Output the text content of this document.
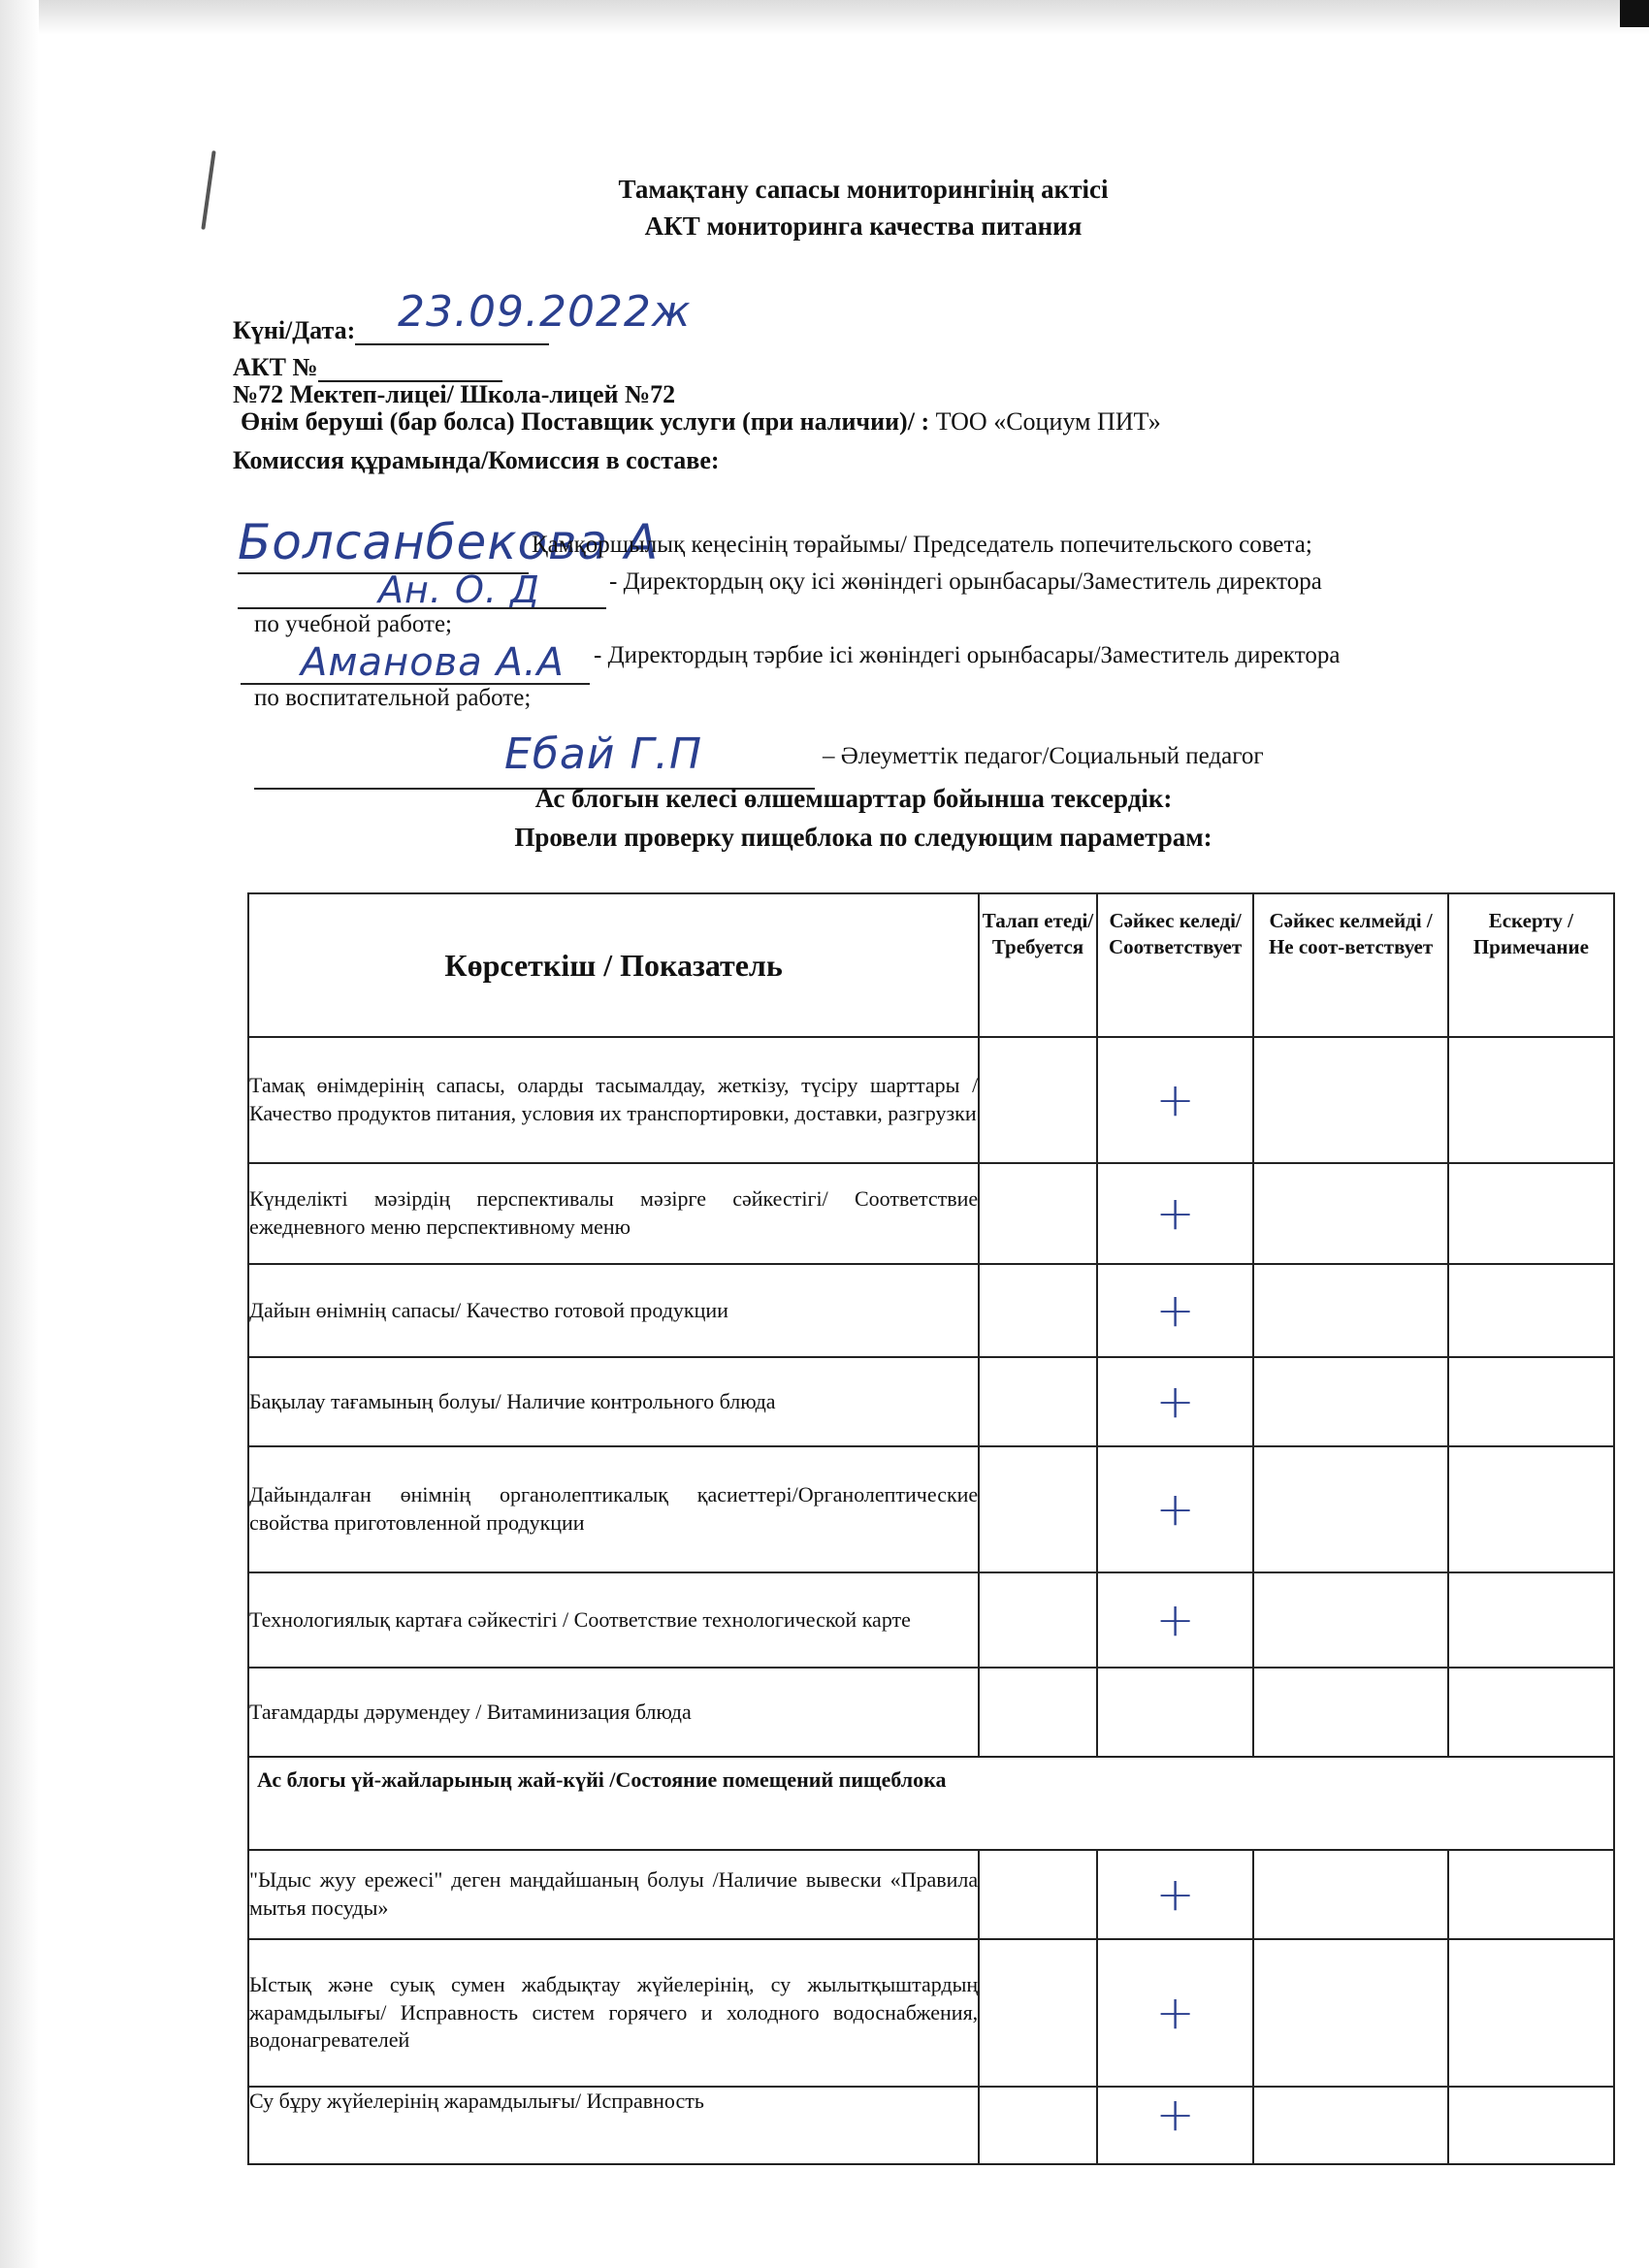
Тамақтану сапасы мониторингінің актісі
АКТ мониторинга качества питания
Күні/Дата: 23.09.2022ж
АКТ №
№72 Мектеп-лицеі/ Школа-лицей №72
Өнім беруші (бар болса) Поставщик услуги (при наличии)/ : ТОО «Социум ПИТ»
Комиссия құрамында/Комиссия в составе:
Болсанбекова А
Қамқоршылық кеңесінің төрайымы/ Председатель попечительского совета;
Ан. О. Д	- Директордың оқу ісі жөніндегі орынбасары/Заместитель директора
по учебной работе;
Аманова А.А - Директордың тәрбие ісі жөніндегі орынбасары/Заместитель директора
по воспитательной работе;
Ебай Г.П	– Әлеуметтік педагог/Социальный педагог
Ас блогын келесі өлшемшарттар бойынша тексердік:
Провели проверку пищеблока по следующим параметрам:
Көрсеткіш / Показатель	Талап етеді/ Требуется	Сәйкес келеді/ Соответствует	Сәйкес келмейді / Не соот-ветствует	Ескерту /Примечание
Тамақ өнімдерінің сапасы, оларды тасымалдау, жеткізу, түсіру шарттары / Качество продуктов питания, условия их транспортировки, доставки, разгрузки		+		
Күнделікті мәзірдің перспективалы мәзірге сәйкестігі/ Соответствие ежедневного меню перспективному меню		+		
Дайын өнімнің сапасы/ Качество готовой продукции		+		
Бақылау тағамының болуы/ Наличие контрольного блюда		+		
Дайындалған өнімнің органолептикалық қасиеттері/Органолептические свойства приготовленной продукции		+		
Технологиялық картаға сәйкестігі / Соответствие технологической карте		+		
Тағамдарды дәрумендеу / Витаминизация блюда				
Ас блогы үй-жайларының жай-күйі /Состояние помещений пищеблока				
"Ыдыс жуу ережесі" деген маңдайшаның болуы /Наличие вывески «Правила мытья посуды»		+		
Ыстық және суық сумен жабдықтау жүйелерінің, су жылытқыштардың жарамдылығы/ Исправность систем горячего и холодного водоснабжения, водонагревателей		+		
Су бұру жүйелерінің жарамдылығы/ Исправность		+		
